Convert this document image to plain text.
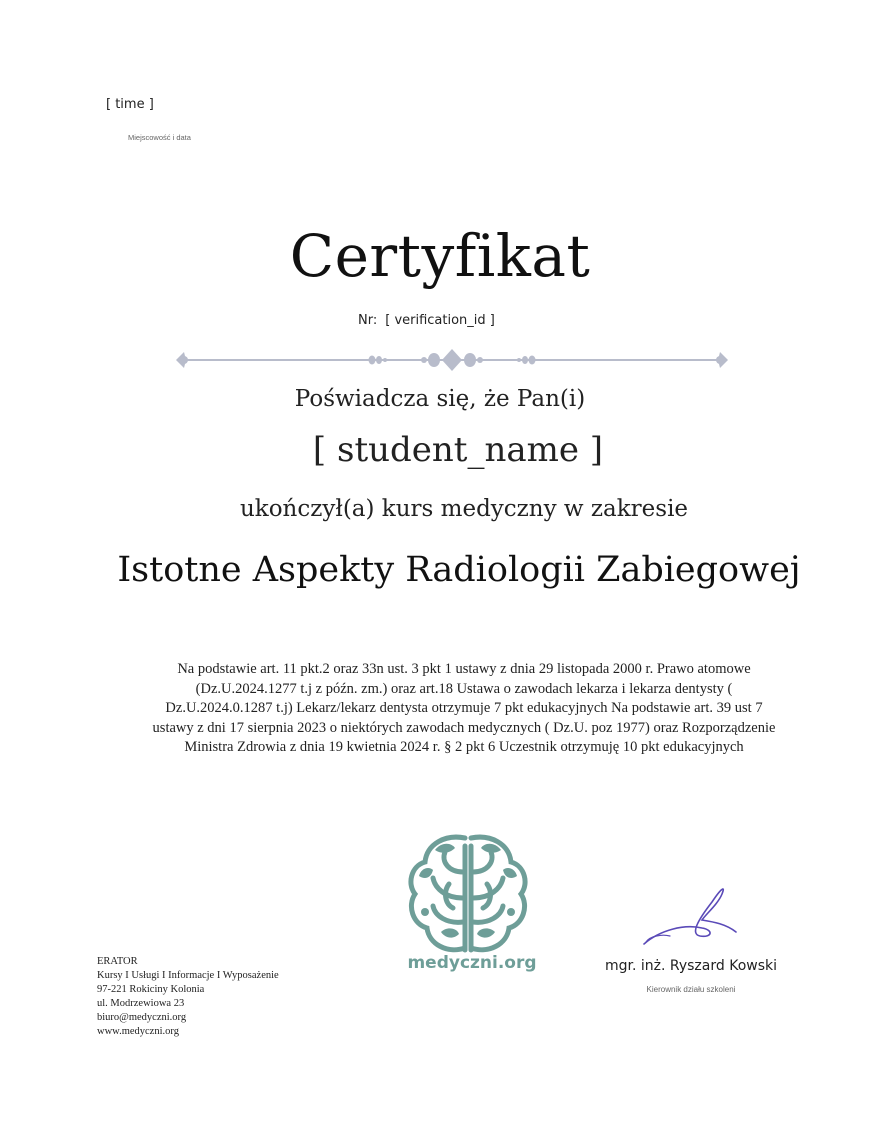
[ time ]
Miejscowość i data
Certyfikat
Nr: [ verification_id ]
Poświadcza się, że Pan(i)
[ student_name ]
ukończył(a) kurs medyczny w zakresie
Istotne Aspekty Radiologii Zabiegowej
Na podstawie art. 11 pkt.2 oraz 33n ust. 3 pkt 1 ustawy z dnia 29 listopada 2000 r. Prawo atomowe (Dz.U.2024.1277 t.j z późn. zm.) oraz art.18 Ustawa o zawodach lekarza i lekarza dentysty ( Dz.U.2024.0.1287 t.j) Lekarz/lekarz dentysta otrzymuje 7 pkt edukacyjnych Na podstawie art. 39 ust 7 ustawy z dni 17 sierpnia 2023 o niektórych zawodach medycznych ( Dz.U. poz 1977) oraz Rozporządzenie Ministra Zdrowia z dnia 19 kwietnia 2024 r. § 2 pkt 6 Uczestnik otrzymuję 10 pkt edukacyjnych
medyczni.org	mgr. inż. Ryszard Kowski
Kierownik działu szkoleni
ERATOR
Kursy I Usługi I Informacje I Wyposażenie
97-221 Rokiciny Kolonia
ul. Modrzewiowa 23
biuro@medyczni.org
www.medyczni.org
